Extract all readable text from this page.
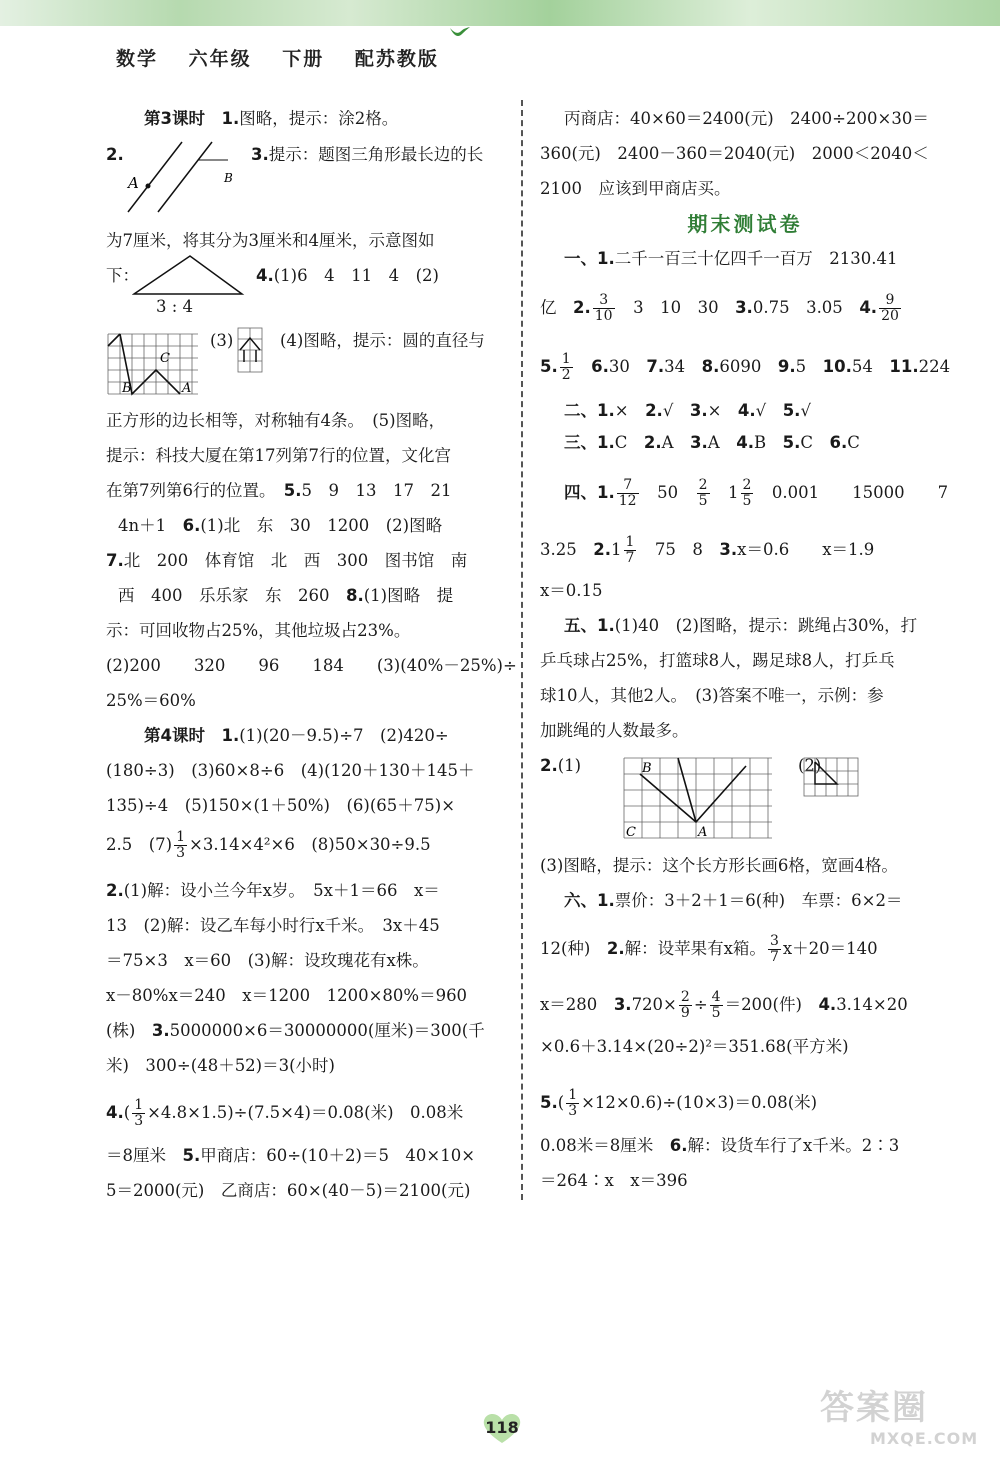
数学 六年级 下册 配苏教版
第3课时　 1.图略，提示：涂2格。
2.
A	B
3.提示：题图三角形最长边的长
为7厘米，将其分为3厘米和4厘米，示意图如
下：
3 : 4
4.(1)6　4　11　4　(2)
C
B	A
(3)	(4)图略，提示：圆的直径与
正方形的边长相等，对称轴有4条。　(5)图略，
提示：科技大厦在第17列第7行的位置，文化宫
在第7列第6行的位置。　 5.5　9　13　17　21
4n＋1　 6.(1)北　东　30　1200　(2)图略
7.北　200　体育馆　北　西　300　图书馆　南
西　400　乐乐家　东　260　 8.(1)图略　提
示：可回收物占25%，其他垃圾占23%。
(2)200　　320　　96　　184　　(3)(40%－25%)÷
25%＝60%
第4课时　 1.(1)(20－9.5)÷7　(2)420÷
(180÷3)　(3)60×8÷6　(4)(120＋130＋145＋
135)÷4　(5)150×(1＋50%)　(6)(65＋75)×
2.5　$(7) \frac{1}{3} \times 3.14\times 4^2\times 6$　(8)50×30÷9.5
2.(1)解：设小兰今年x岁。　5x＋1＝66　x＝
13　(2)解：设乙车每小时行x千米。　3x＋45
＝75×3　x＝60　(3)解：设玫瑰花有x株。
x－80%x＝240　x＝1200　1200×80%＝960
(株)　 3.5000000×6＝30000000(厘米)＝300(千
米)　300÷(48＋52)＝3(小时)
$4.( \frac{1}{3} \times 4.8\times 1.5)\div(7.5\times 4)=0.08$(米)　0.08米
＝8厘米　 5.甲商店：60÷(10＋2)＝5　40×10×
5＝2000(元)　乙商店：60×(40－5)＝2100(元)
丙商店：40×60＝2400(元)　2400÷200×30＝
360(元)　2400－360＝2040(元)　2000＜2040＜
2100　应该到甲商店买。
期末测试卷
一、1.二千一百三十亿四千一百万　2130.41
亿　 2. $\frac{3}{10}$
　 3　10　30　 3.0.75　3.05　 4. $\frac{9}{20}$
5. $\frac{1}{2}$
　 6.30　 7.34　 8.6090　 9.5　 10.54　 11.224
二、1.×　 2.√　 3.×　 4.√　 5.√
三、1.C　 2.A　 3.A　 4.B　 5.C　 6.C
四、1. $\frac{7}{12}$
　 50　 $\frac{2}{5}$
　 $1 \frac{2}{5}$
　 0.001　　15000　　7
3.25　 $2.1 \frac{1}{7}$
　 75　8　 3.x＝0.6　　x＝1.9
x＝0.15
五、1.(1)40　(2)图略，提示：跳绳占30%，打
乒乓球占25%，打篮球8人，踢足球8人，打乒乓
球10人，其他2人。　(3)答案不唯一，示例：参
加跳绳的人数最多。
2.(1)	B
C	A
(2)
(3)图略，提示：这个长方形长画6格，宽画4格。
六、1.票价：3＋2＋1＝6(种)　车票：6×2＝
12(种)　 2.解：设苹果有x箱。 $\frac{3}{7} x+20=140$
x＝280　 $3.720\times \frac{2}{9} \div \frac{4}{5} =200$(件)　 4.3.14×20
×0.6＋3.14×(20÷2)²＝351.68(平方米)
$5.( \frac{1}{3} \times 12\times 0.6)\div(10\times 3)=0.08$(米)
0.08米＝8厘米　 6.解：设货车行了x千米。2∶3
＝264∶x　x＝396
118	答案圈
MXQE.COM
